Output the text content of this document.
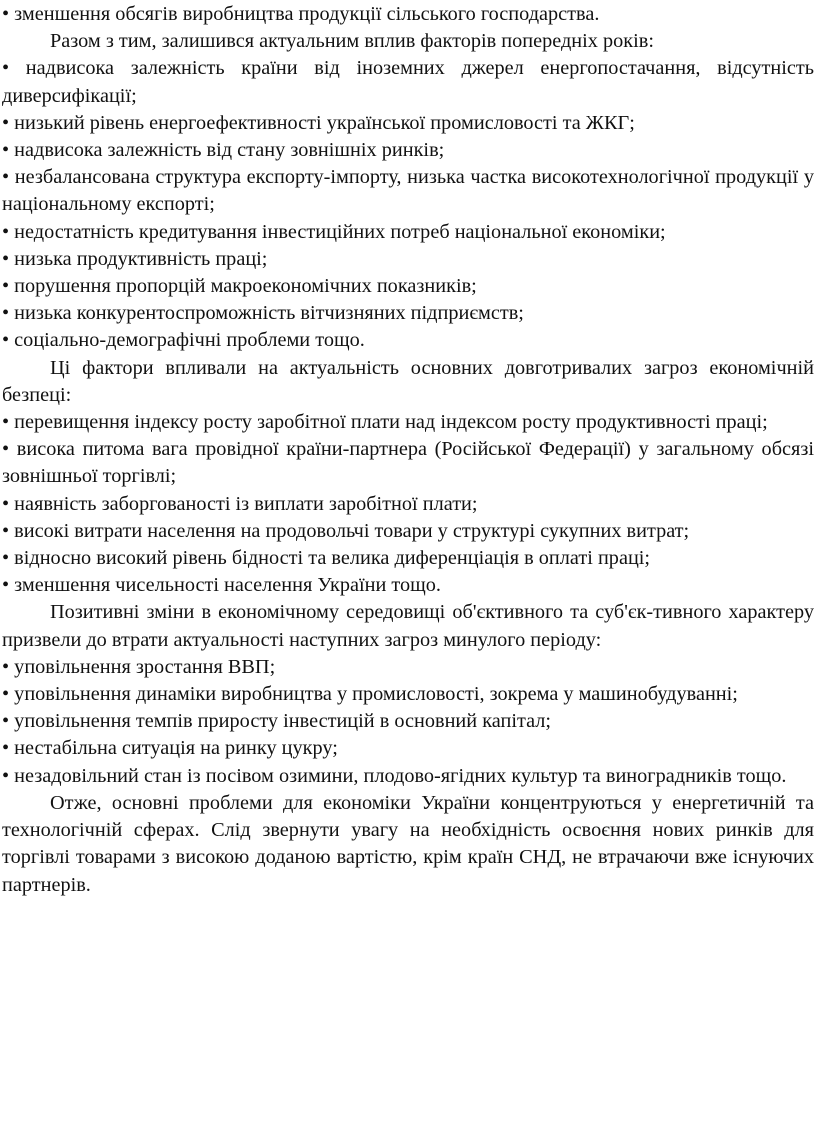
• зменшення обсягів виробництва продукції сільського господарства.

Разом з тим, залишився актуальним вплив факторів попередніх років:

• надвисока залежність країни від іноземних джерел енергопостачання, відсутність диверсифікації;

• низький рівень енергоефективності української промисловості та ЖКГ;

• надвисока залежність від стану зовнішніх ринків;

• незбалансована структура експорту-імпорту, низька частка високотехнологічної продукції у національному експорті;

• недостатність кредитування інвестиційних потреб національної економіки;

• низька продуктивність праці;

• порушення пропорцій макроекономічних показників;

• низька конкурентоспроможність вітчизняних підприємств;

• соціально-демографічні проблеми тощо.

Ці фактори впливали на актуальність основних довготривалих загроз економічній безпеці:

• перевищення індексу росту заробітної плати над індексом росту продуктивності праці;

• висока питома вага провідної країни-партнера (Російської Федерації) у загальному обсязі зовнішньої торгівлі;

• наявність заборгованості із виплати заробітної плати;

• високі витрати населення на продовольчі товари у структурі сукупних витрат;

• відносно високий рівень бідності та велика диференціація в оплаті праці;

• зменшення чисельності населення України тощо.

Позитивні зміни в економічному середовищі об'єктивного та суб'єк-тивного характеру призвели до втрати актуальності наступних загроз минулого періоду:

• уповільнення зростання ВВП;

• уповільнення динаміки виробництва у промисловості, зокрема у машинобудуванні;

• уповільнення темпів приросту інвестицій в основний капітал;

• нестабільна ситуація на ринку цукру;

• незадовільний стан із посівом озимини, плодово-ягідних культур та виноградників тощо.

Отже, основні проблеми для економіки України концентруються у енергетичній та технологічній сферах. Слід звернути увагу на необхідність освоєння нових ринків для торгівлі товарами з високою доданою вартістю, крім країн СНД, не втрачаючи вже існуючих партнерів.
